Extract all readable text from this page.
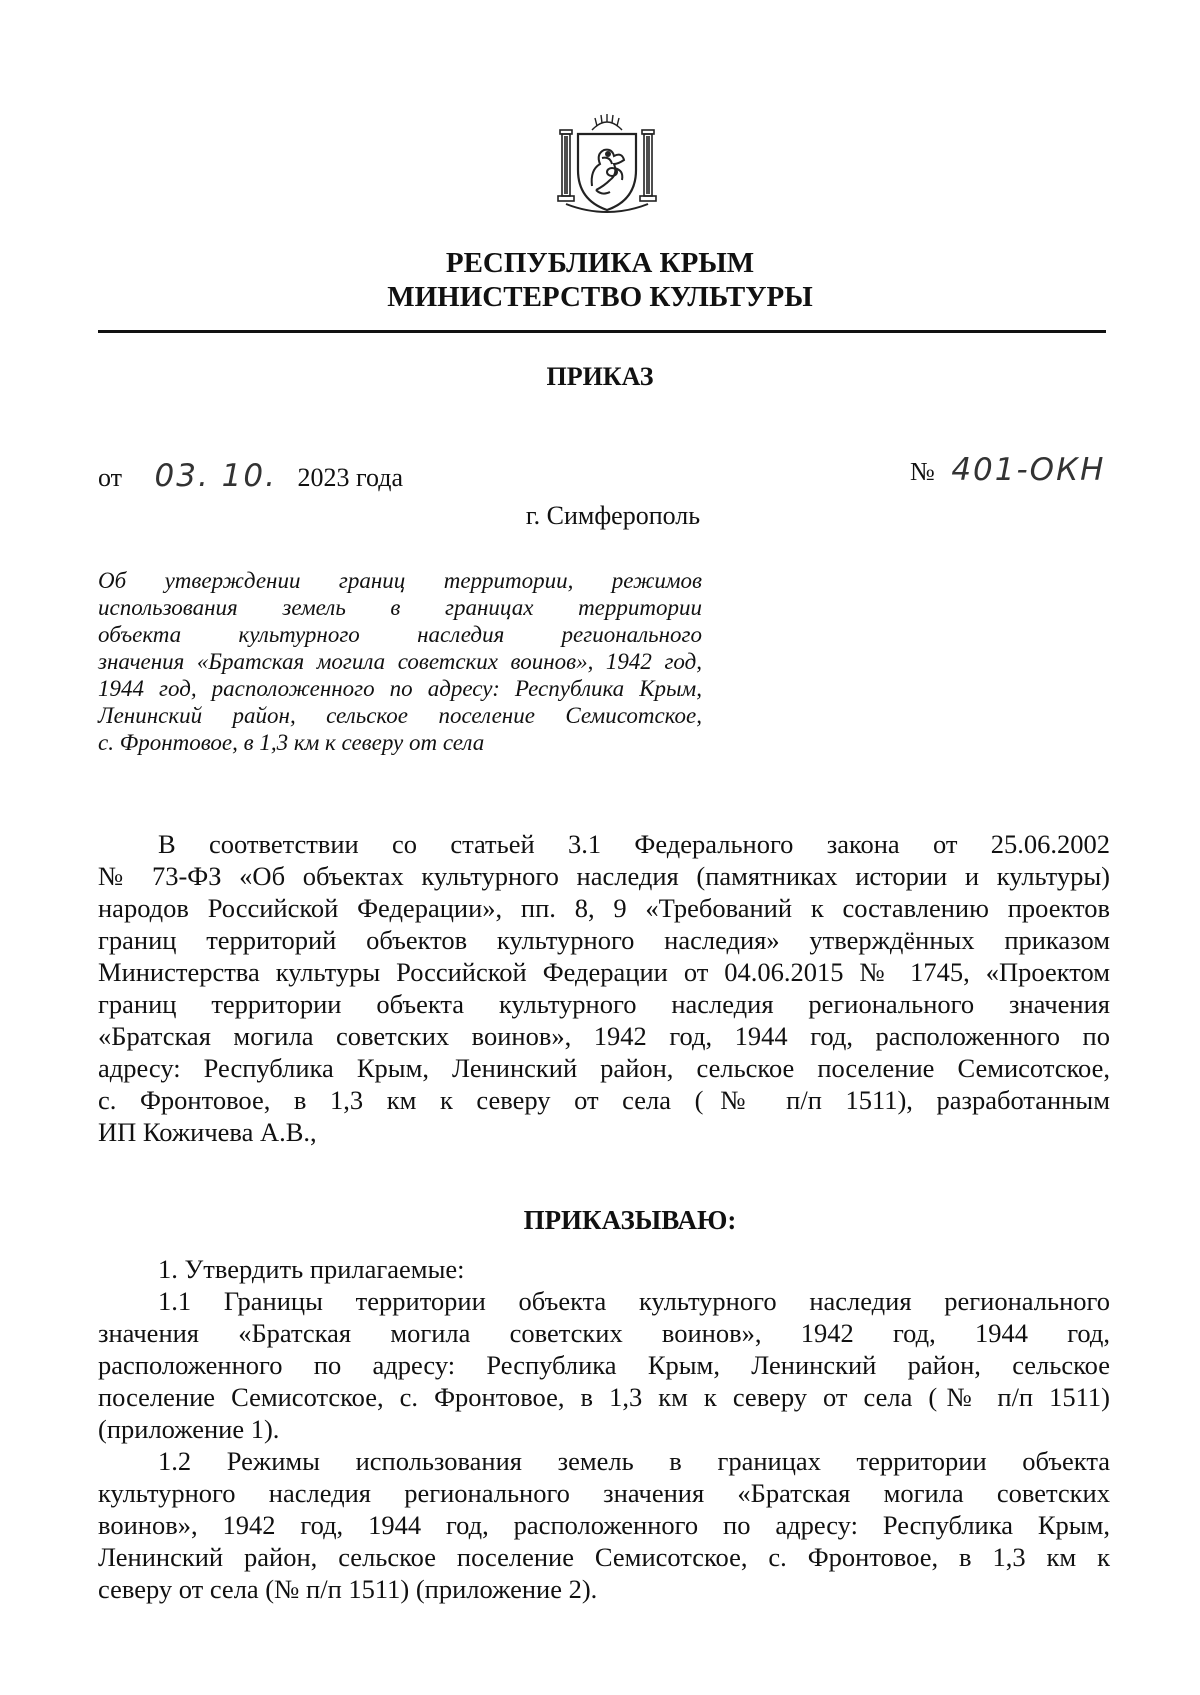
РЕСПУБЛИКА КРЫМ
МИНИСТЕРСТВО КУЛЬТУРЫ
ПРИКАЗ
от 03. 10. 2023 года	№ 401-ОКН
г. Симферополь
Об утверждении границ территории, режимов
использования земель в границах территории
объекта культурного наследия регионального
значения «Братская могила советских воинов», 1942 год,
1944 год, расположенного по адресу: Республика Крым,
Ленинский район, сельское поселение Семисотское,
с. Фронтовое, в 1,3 км к северу от села
В соответствии со статьей 3.1 Федерального закона от 25.06.2002
№ 73-ФЗ «Об объектах культурного наследия (памятниках истории и культуры)
народов Российской Федерации», пп. 8, 9 «Требований к составлению проектов
границ территорий объектов культурного наследия» утверждённых приказом
Министерства культуры Российской Федерации от 04.06.2015 № 1745, «Проектом
границ территории объекта культурного наследия регионального значения
«Братская могила советских воинов», 1942 год, 1944 год, расположенного по
адресу: Республика Крым, Ленинский район, сельское поселение Семисотское,
с. Фронтовое, в 1,3 км к северу от села (№ п/п 1511), разработанным
ИП Кожичева А.В.,
ПРИКАЗЫВАЮ:
1. Утвердить прилагаемые:
1.1 Границы территории объекта культурного наследия регионального
значения «Братская могила советских воинов», 1942 год, 1944 год,
расположенного по адресу: Республика Крым, Ленинский район, сельское
поселение Семисотское, с. Фронтовое, в 1,3 км к северу от села (№ п/п 1511)
(приложение 1).
1.2 Режимы использования земель в границах территории объекта
культурного наследия регионального значения «Братская могила советских
воинов», 1942 год, 1944 год, расположенного по адресу: Республика Крым,
Ленинский район, сельское поселение Семисотское, с. Фронтовое, в 1,3 км к
северу от села (№ п/п 1511) (приложение 2).
